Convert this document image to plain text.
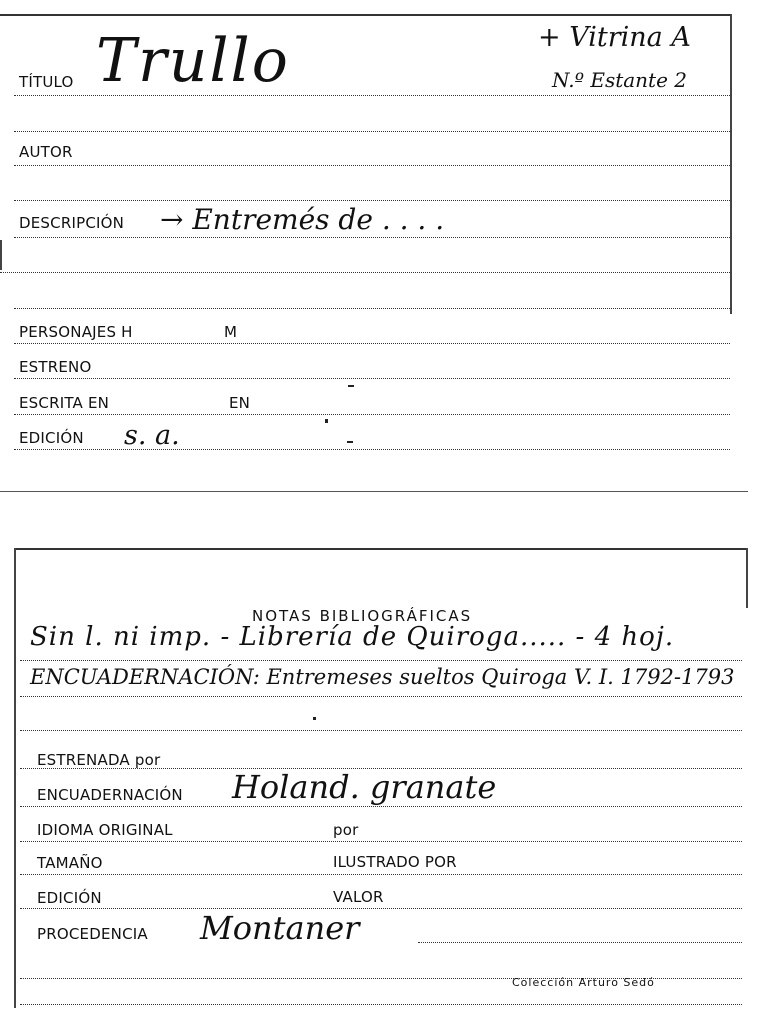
+ Vitrina A
N.º Estante 2
TÍTULO Trullo
AUTOR
DESCRIPCIÓN → Entremés de . . . .
PERSONAJES H	M
ESTRENO
ESCRITA EN	EN
EDICIÓN s. a.
NOTAS BIBLIOGRÁFICAS
Sin l. ni imp. - Librería de Quiroga..... - 4 hoj.
ENCUADERNACIÓN: Entremeses sueltos Quiroga V. I. 1792-1793
ESTRENADA por
ENCUADERNACIÓN Holand. granate
IDIOMA ORIGINAL	por
TAMAÑO	ILUSTRADO POR
EDICIÓN	VALOR
PROCEDENCIA Montaner
Colección Arturo Sedó
